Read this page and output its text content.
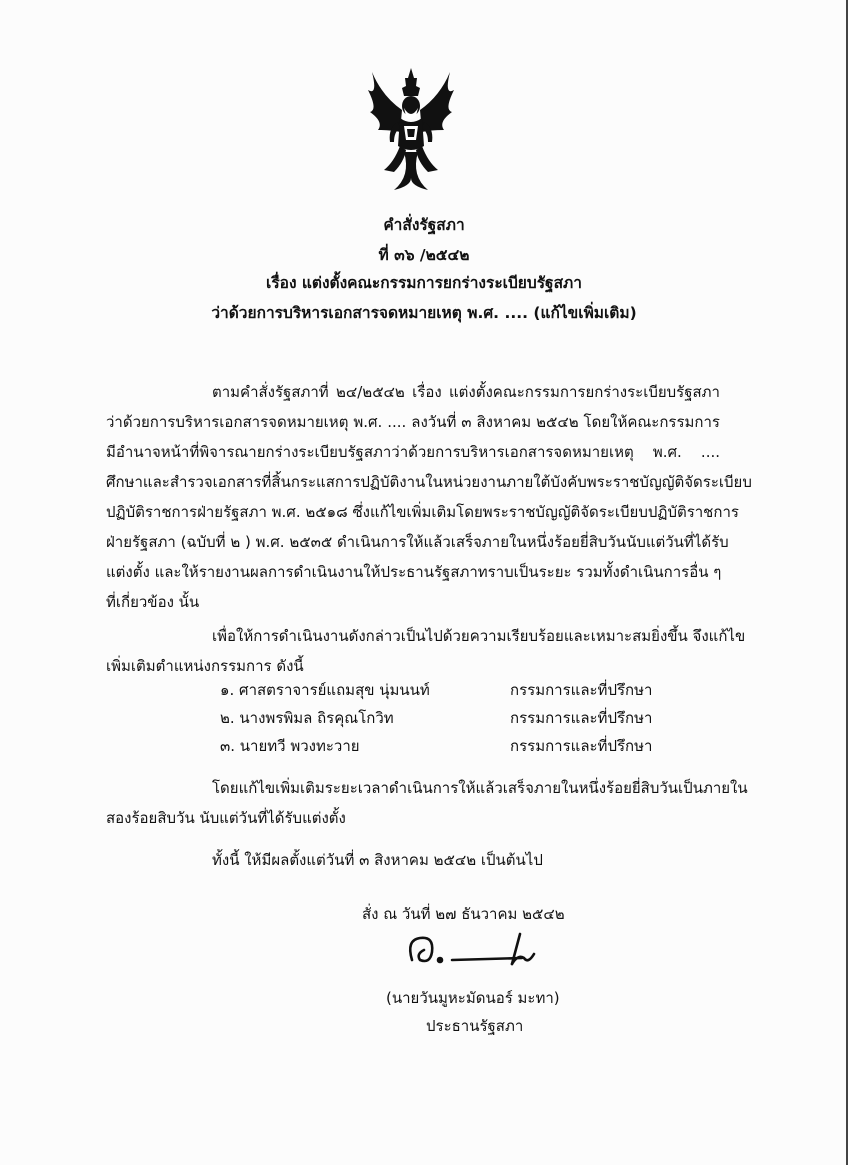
คำสั่งรัฐสภา
ที่ ๓๖ /๒๕๔๒
เรื่อง แต่งตั้งคณะกรรมการยกร่างระเบียบรัฐสภา
ว่าด้วยการบริหารเอกสารจดหมายเหตุ พ.ศ. .... (แก้ไขเพิ่มเติม)
ตามคำสั่งรัฐสภาที่ ๒๔/๒๕๔๒ เรื่อง แต่งตั้งคณะกรรมการยกร่างระเบียบรัฐสภา
ว่าด้วยการบริหารเอกสารจดหมายเหตุ พ.ศ. .... ลงวันที่ ๓ สิงหาคม ๒๕๔๒ โดยให้คณะกรรมการ
มีอำนาจหน้าที่พิจารณายกร่างระเบียบรัฐสภาว่าด้วยการบริหารเอกสารจดหมายเหตุ พ.ศ. ....
ศึกษาและสำรวจเอกสารที่สิ้นกระแสการปฏิบัติงานในหน่วยงานภายใต้บังคับพระราชบัญญัติจัดระเบียบ
ปฏิบัติราชการฝ่ายรัฐสภา พ.ศ. ๒๕๑๘ ซึ่งแก้ไขเพิ่มเติมโดยพระราชบัญญัติจัดระเบียบปฏิบัติราชการ
ฝ่ายรัฐสภา (ฉบับที่ ๒ ) พ.ศ. ๒๕๓๕ ดำเนินการให้แล้วเสร็จภายในหนึ่งร้อยยี่สิบวันนับแต่วันที่ได้รับ
แต่งตั้ง และให้รายงานผลการดำเนินงานให้ประธานรัฐสภาทราบเป็นระยะ รวมทั้งดำเนินการอื่น ๆ
ที่เกี่ยวข้อง นั้น
เพื่อให้การดำเนินงานดังกล่าวเป็นไปด้วยความเรียบร้อยและเหมาะสมยิ่งขึ้น จึงแก้ไข
เพิ่มเติมตำแหน่งกรรมการ ดังนี้
๑. ศาสตราจารย์แถมสุข นุ่มนนท์	กรรมการและที่ปรึกษา
๒. นางพรพิมล ถิรคุณโกวิท	กรรมการและที่ปรึกษา
๓. นายทวี พวงทะวาย	กรรมการและที่ปรึกษา
โดยแก้ไขเพิ่มเติมระยะเวลาดำเนินการให้แล้วเสร็จภายในหนึ่งร้อยยี่สิบวันเป็นภายใน
สองร้อยสิบวัน นับแต่วันที่ได้รับแต่งตั้ง
ทั้งนี้ ให้มีผลตั้งแต่วันที่ ๓ สิงหาคม ๒๕๔๒ เป็นต้นไป
สั่ง ณ วันที่ ๒๗ ธันวาคม ๒๕๔๒
(นายวันมูหะมัดนอร์ มะทา)
ประธานรัฐสภา
